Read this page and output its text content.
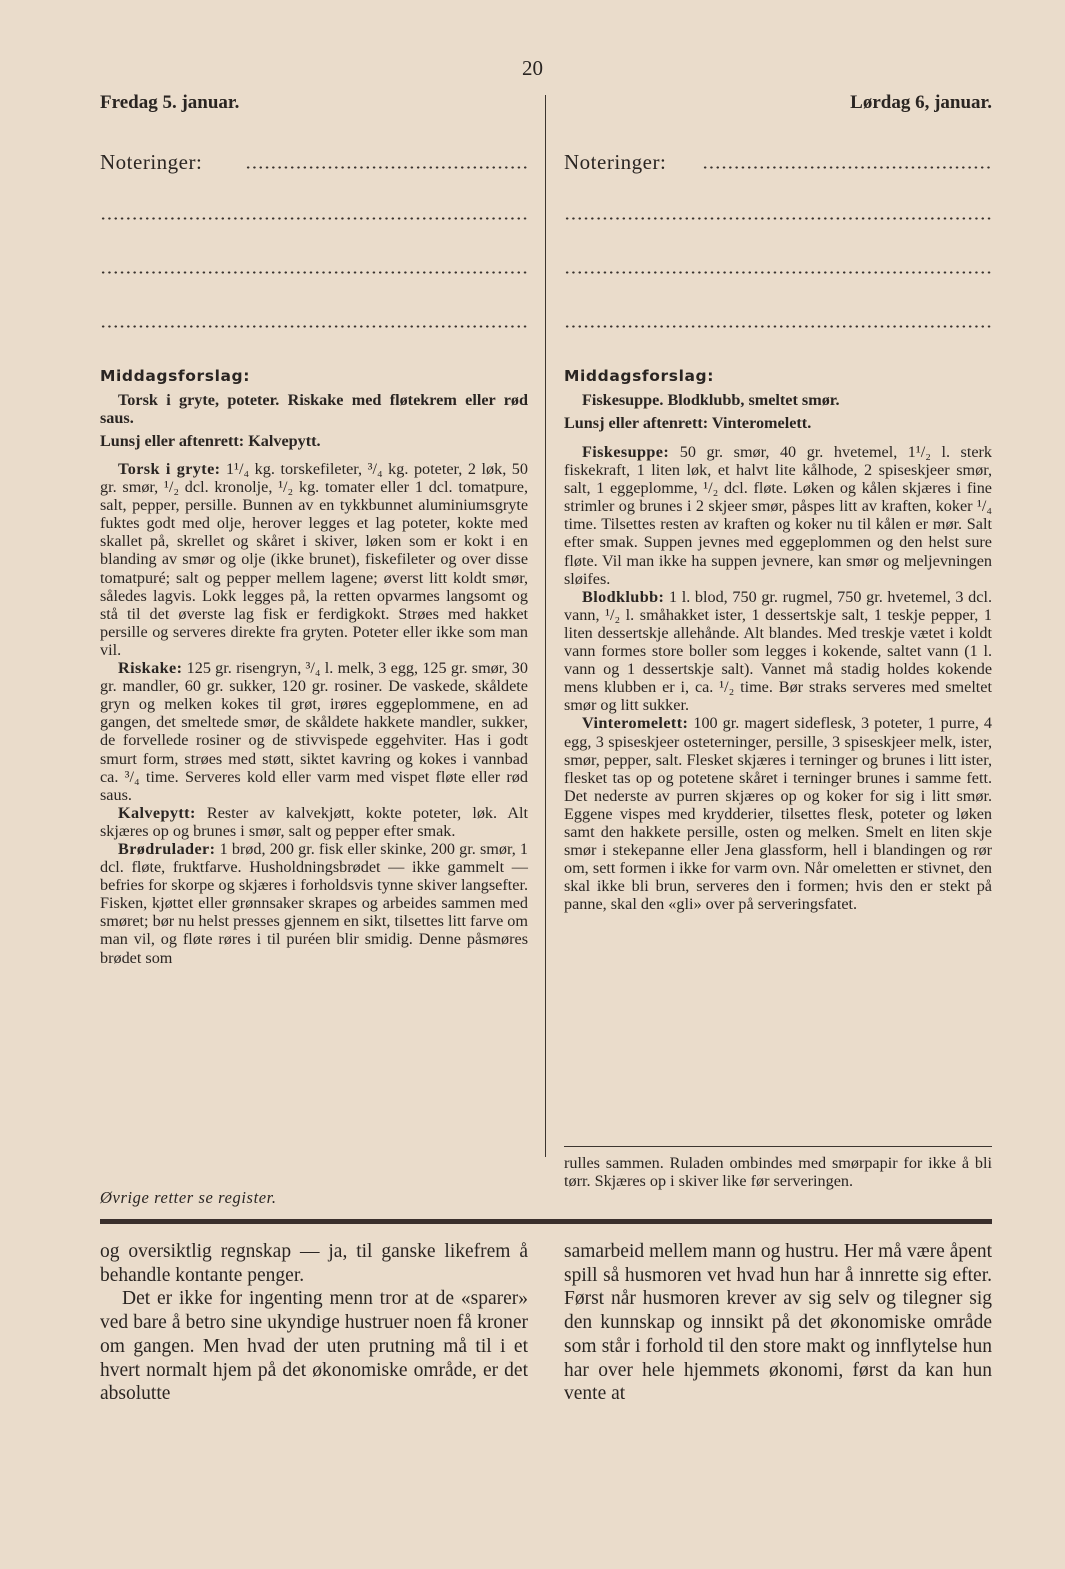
20
Fredag 5. januar.	Lørdag 6, januar.
Noteringer:	Noteringer:
Middagsforslag:	Middagsforslag:
Torsk i gryte, poteter. Riskake med fløtekrem eller rød saus.
Lunsj eller aftenrett: Kalvepytt.

Torsk i gryte: 1¹/₄ kg. torskefileter, ³/₄ kg. poteter, 2 løk, 50 gr. smør, ¹/₂ dcl. kronolje, ¹/₂ kg. tomater eller 1 dcl. tomatpure, salt, pepper, persille. Bunnen av en tykkbunnet aluminiumsgryte fuktes godt med olje, herover legges et lag poteter, kokte med skallet på, skrellet og skåret i skiver, løken som er kokt i en blanding av smør og olje (ikke brunet), fiskefileter og over disse tomatpuré; salt og pepper mellem lagene; øverst litt koldt smør, således lagvis. Lokk legges på, la retten opvarmes langsomt og stå til det øverste lag fisk er ferdigkokt. Strøes med hakket persille og serveres direkte fra gryten. Poteter eller ikke som man vil.

Riskake: 125 gr. risengryn, ³/₄ l. melk, 3 egg, 125 gr. smør, 30 gr. mandler, 60 gr. sukker, 120 gr. rosiner. De vaskede, skåldete gryn og melken kokes til grøt, irøres eggeplommene, en ad gangen, det smeltede smør, de skåldete hakkete mandler, sukker, de forvellede rosiner og de stivvispede eggehviter. Has i godt smurt form, strøes med støtt, siktet kavring og kokes i vannbad ca. ³/₄ time. Serveres kold eller varm med vispet fløte eller rød saus.

Kalvepytt: Rester av kalvekjøtt, kokte poteter, løk. Alt skjæres op og brunes i smør, salt og pepper efter smak.

Brødrulader: 1 brød, 200 gr. fisk eller skinke, 200 gr. smør, 1 dcl. fløte, fruktfarve. Husholdningsbrødet — ikke gammelt — befries for skorpe og skjæres i forholdsvis tynne skiver langsefter. Fisken, kjøttet eller grønnsaker skrapes og arbeides sammen med smøret; bør nu helst presses gjennem en sikt, tilsettes litt farve om man vil, og fløte røres i til puréen blir smidig. Denne påsmøres brødet som

Øvrige retter se register.
Fiskesuppe. Blodklubb, smeltet smør.
Lunsj eller aftenrett: Vinteromelett.

Fiskesuppe: 50 gr. smør, 40 gr. hvetemel, 1¹/₂ l. sterk fiskekraft, 1 liten løk, et halvt lite kålhode, 2 spiseskjeer smør, salt, 1 eggeplomme, ¹/₂ dcl. fløte. Løken og kålen skjæres i fine strimler og brunes i 2 skjeer smør, påspes litt av kraften, koker ¹/₄ time. Tilsettes resten av kraften og koker nu til kålen er mør. Salt efter smak. Suppen jevnes med eggeplommen og den helst sure fløte. Vil man ikke ha suppen jevnere, kan smør og meljevningen sløifes.

Blodklubb: 1 l. blod, 750 gr. rugmel, 750 gr. hvetemel, 3 dcl. vann, ¹/₂ l. småhakket ister, 1 dessertskje salt, 1 teskje pepper, 1 liten dessertskje allehånde. Alt blandes. Med treskje vætet i koldt vann formes store boller som legges i kokende, saltet vann (1 l. vann og 1 dessertskje salt). Vannet må stadig holdes kokende mens klubben er i, ca. ¹/₂ time. Bør straks serveres med smeltet smør og litt sukker.

Vinteromelett: 100 gr. magert sideflesk, 3 poteter, 1 purre, 4 egg, 3 spiseskjeer osteterninger, persille, 3 spiseskjeer melk, ister, smør, pepper, salt. Flesket skjæres i terninger og brunes i litt ister, flesket tas op og potetene skåret i terninger brunes i samme fett. Det nederste av purren skjæres op og koker for sig i litt smør. Eggene vispes med krydderier, tilsettes flesk, poteter og løken samt den hakkete persille, osten og melken. Smelt en liten skje smør i stekepanne eller Jena glassform, hell i blandingen og rør om, sett formen i ikke for varm ovn. Når omeletten er stivnet, den skal ikke bli brun, serveres den i formen; hvis den er stekt på panne, skal den «gli» over på serveringsfatet.

rulles sammen. Ruladen ombindes med smørpapir for ikke å bli tørr. Skjæres op i skiver like før serveringen.

og oversiktlig regnskap — ja, til ganske likefrem å behandle kontante penger.

Det er ikke for ingenting menn tror at de «sparer» ved bare å betro sine ukyndige hustruer noen få kroner om gangen. Men hvad der uten prutning må til i et hvert normalt hjem på det økonomiske område, er det absolutte

samarbeid mellem mann og hustru. Her må være åpent spill så husmoren vet hvad hun har å innrette sig efter. Først når husmoren krever av sig selv og tilegner sig den kunnskap og innsikt på det økonomiske område som står i forhold til den store makt og innflytelse hun har over hele hjemmets økonomi, først da kan hun vente at
